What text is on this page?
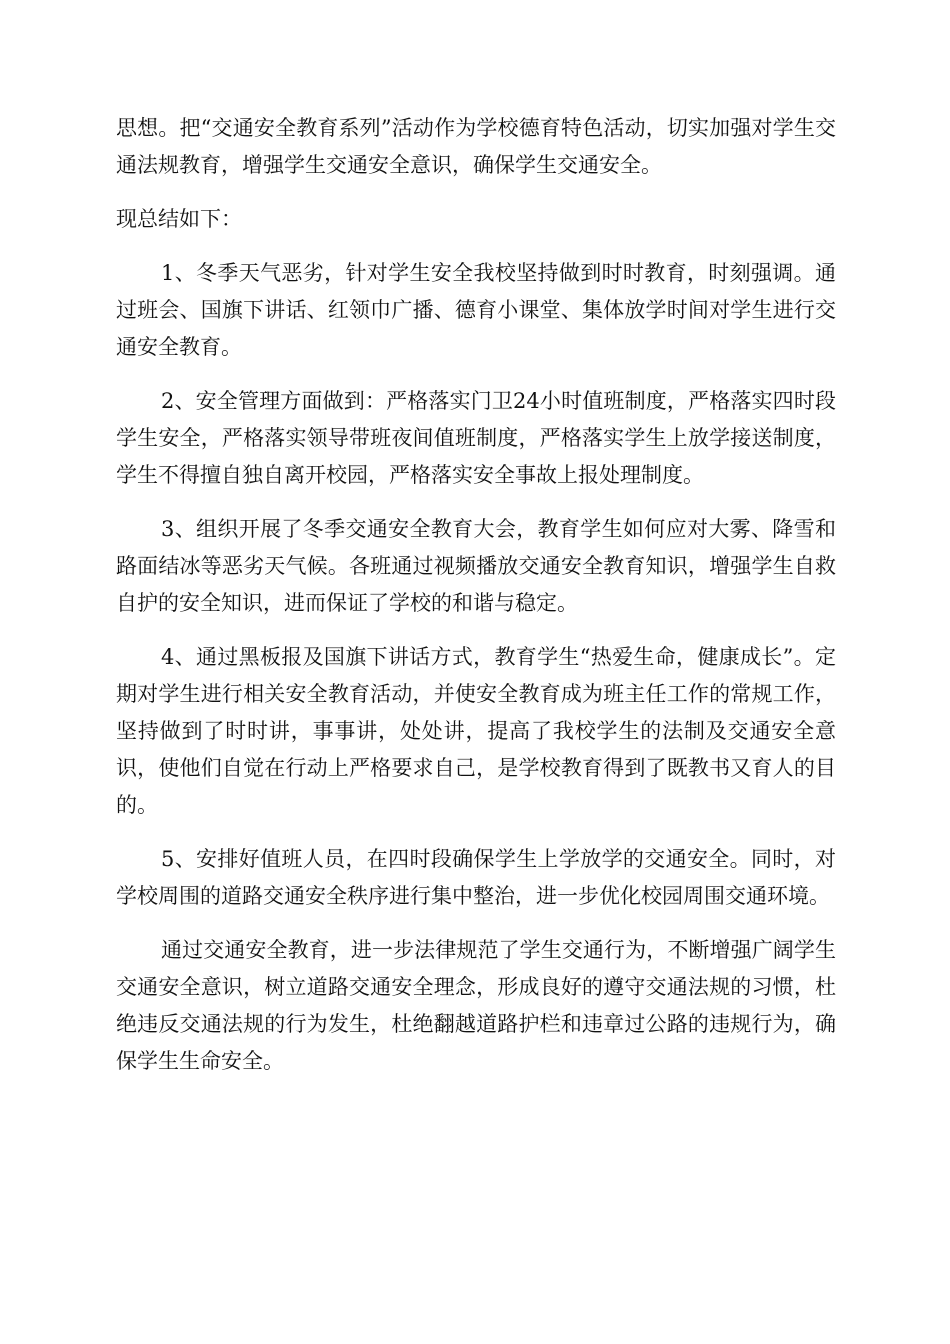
思想。把“交通安全教育系列”活动作为学校德育特色活动，切实加强对学生交通法规教育，增强学生交通安全意识，确保学生交通安全。

现总结如下：

1、冬季天气恶劣，针对学生安全我校坚持做到时时教育，时刻强调。通过班会、国旗下讲话、红领巾广播、德育小课堂、集体放学时间对学生进行交通安全教育。

2、安全管理方面做到：严格落实门卫24小时值班制度，严格落实四时段学生安全，严格落实领导带班夜间值班制度，严格落实学生上放学接送制度，学生不得擅自独自离开校园，严格落实安全事故上报处理制度。

3、组织开展了冬季交通安全教育大会，教育学生如何应对大雾、降雪和路面结冰等恶劣天气候。各班通过视频播放交通安全教育知识，增强学生自救自护的安全知识，进而保证了学校的和谐与稳定。

4、通过黑板报及国旗下讲话方式，教育学生“热爱生命，健康成长”。定期对学生进行相关安全教育活动，并使安全教育成为班主任工作的常规工作，坚持做到了时时讲，事事讲，处处讲，提高了我校学生的法制及交通安全意识，使他们自觉在行动上严格要求自己，是学校教育得到了既教书又育人的目的。

5、安排好值班人员，在四时段确保学生上学放学的交通安全。同时，对学校周围的道路交通安全秩序进行集中整治，进一步优化校园周围交通环境。

通过交通安全教育，进一步法律规范了学生交通行为，不断增强广阔学生交通安全意识，树立道路交通安全理念，形成良好的遵守交通法规的习惯，杜绝违反交通法规的行为发生，杜绝翻越道路护栏和违章过公路的违规行为，确保学生生命安全。
